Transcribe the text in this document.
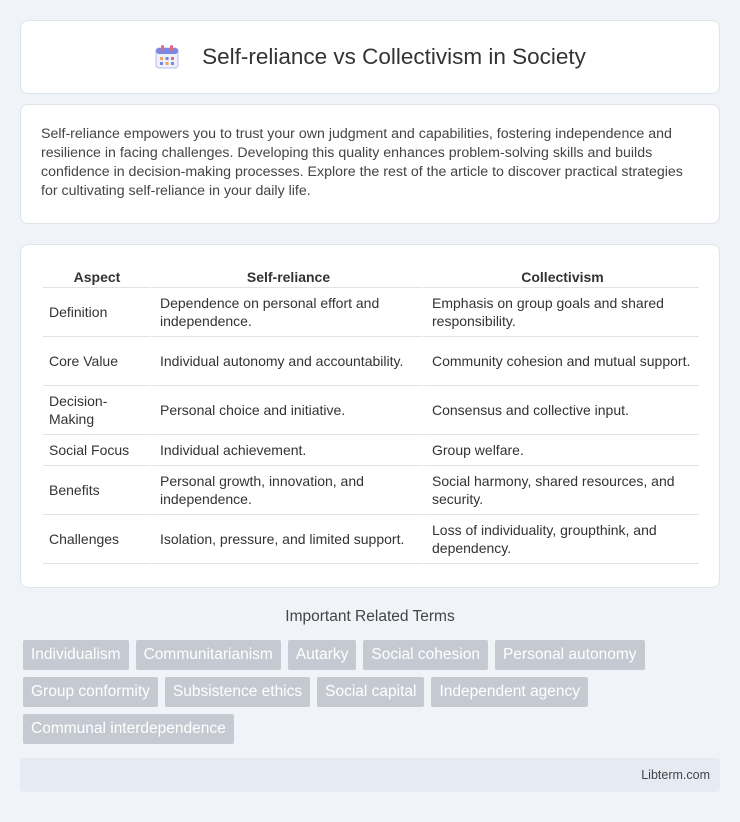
Self-reliance vs Collectivism in Society

Self-reliance empowers you to trust your own judgment and capabilities, fostering independence and resilience in facing challenges. Developing this quality enhances problem-solving skills and builds confidence in decision-making processes. Explore the rest of the article to discover practical strategies for cultivating self-reliance in your daily life.

Aspect	Self-reliance	Collectivism
Definition	Dependence on personal effort and independence.	Emphasis on group goals and shared responsibility.
Core Value	Individual autonomy and accountability.	Community cohesion and mutual support.
Decision-Making	Personal choice and initiative.	Consensus and collective input.
Social Focus	Individual achievement.	Group welfare.
Benefits	Personal growth, innovation, and independence.	Social harmony, shared resources, and security.
Challenges	Isolation, pressure, and limited support.	Loss of individuality, groupthink, and dependency.
Important Related Terms
Individualism	Communitarianism	Autarky	Social cohesion	Personal autonomy
Group conformity	Subsistence ethics	Social capital	Independent agency
Communal interdependence
Libterm.com
